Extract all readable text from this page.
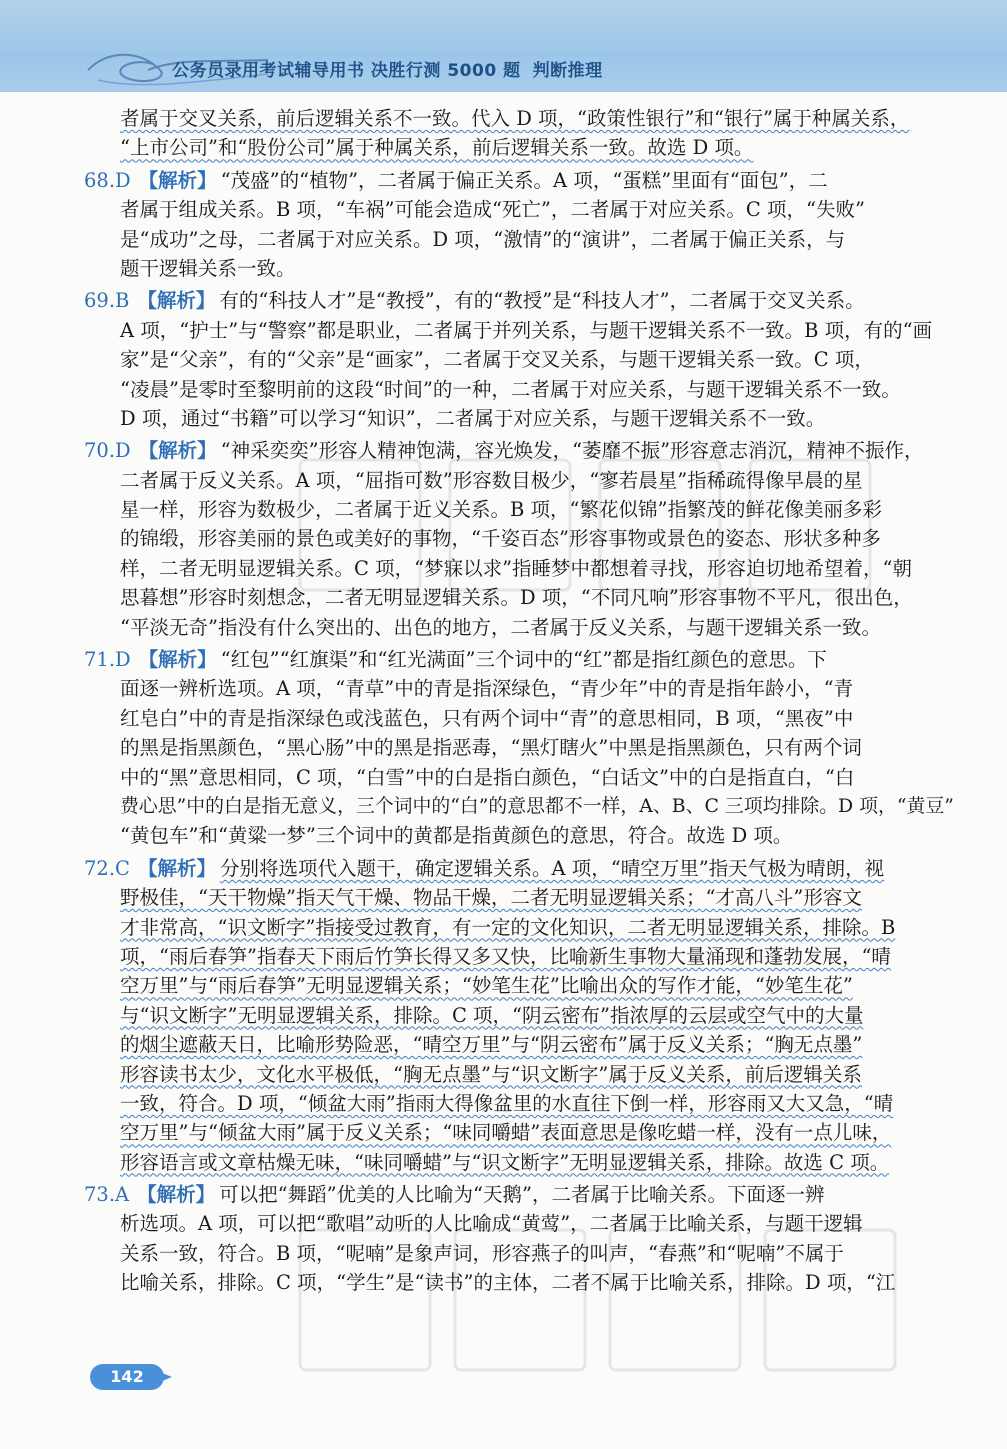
公务员录用考试辅导用书 决胜行测 5000 题 判断推理
者属于交叉关系，前后逻辑关系不一致。代入 D 项，“政策性银行”和“银行”属于种属关系，
“上市公司”和“股份公司”属于种属关系，前后逻辑关系一致。故选 D 项。
68.D 【解析】 “茂盛”的“植物”，二者属于偏正关系。A 项，“蛋糕”里面有“面包”，二
者属于组成关系。B 项，“车祸”可能会造成“死亡”，二者属于对应关系。C 项，“失败”
是“成功”之母，二者属于对应关系。D 项，“激情”的“演讲”，二者属于偏正关系，与
题干逻辑关系一致。
69.B 【解析】 有的“科技人才”是“教授”，有的“教授”是“科技人才”，二者属于交叉关系。
A 项，“护士”与“警察”都是职业，二者属于并列关系，与题干逻辑关系不一致。B 项，有的“画
家”是“父亲”，有的“父亲”是“画家”，二者属于交叉关系，与题干逻辑关系一致。C 项，
“凌晨”是零时至黎明前的这段“时间”的一种，二者属于对应关系，与题干逻辑关系不一致。
D 项，通过“书籍”可以学习“知识”，二者属于对应关系，与题干逻辑关系不一致。
70.D 【解析】 “神采奕奕”形容人精神饱满，容光焕发，“萎靡不振”形容意志消沉，精神不振作，
二者属于反义关系。A 项，“屈指可数”形容数目极少，“寥若晨星”指稀疏得像早晨的星
星一样，形容为数极少，二者属于近义关系。B 项，“繁花似锦”指繁茂的鲜花像美丽多彩
的锦缎，形容美丽的景色或美好的事物，“千姿百态”形容事物或景色的姿态、形状多种多
样，二者无明显逻辑关系。C 项，“梦寐以求”指睡梦中都想着寻找，形容迫切地希望着，“朝
思暮想”形容时刻想念，二者无明显逻辑关系。D 项，“不同凡响”形容事物不平凡，很出色，
“平淡无奇”指没有什么突出的、出色的地方，二者属于反义关系，与题干逻辑关系一致。
71.D 【解析】 “红包”“红旗渠”和“红光满面”三个词中的“红”都是指红颜色的意思。下
面逐一辨析选项。A 项，“青草”中的青是指深绿色，“青少年”中的青是指年龄小，“青
红皂白”中的青是指深绿色或浅蓝色，只有两个词中“青”的意思相同，B 项，“黑夜”中
的黑是指黑颜色，“黑心肠”中的黑是指恶毒，“黑灯瞎火”中黑是指黑颜色，只有两个词
中的“黑”意思相同，C 项，“白雪”中的白是指白颜色，“白话文”中的白是指直白，“白
费心思”中的白是指无意义，三个词中的“白”的意思都不一样，A、B、C 三项均排除。D 项，“黄豆”
“黄包车”和“黄粱一梦”三个词中的黄都是指黄颜色的意思，符合。故选 D 项。
72.C 【解析】 分别将选项代入题干，确定逻辑关系。A 项，“晴空万里”指天气极为晴朗，视
野极佳，“天干物燥”指天气干燥、物品干燥，二者无明显逻辑关系；“才高八斗”形容文
才非常高，“识文断字”指接受过教育，有一定的文化知识，二者无明显逻辑关系，排除。B
项，“雨后春笋”指春天下雨后竹笋长得又多又快，比喻新生事物大量涌现和蓬勃发展，“晴
空万里”与“雨后春笋”无明显逻辑关系；“妙笔生花”比喻出众的写作才能，“妙笔生花”
与“识文断字”无明显逻辑关系，排除。C 项，“阴云密布”指浓厚的云层或空气中的大量
的烟尘遮蔽天日，比喻形势险恶，“晴空万里”与“阴云密布”属于反义关系；“胸无点墨”
形容读书太少，文化水平极低，“胸无点墨”与“识文断字”属于反义关系，前后逻辑关系
一致，符合。D 项，“倾盆大雨”指雨大得像盆里的水直往下倒一样，形容雨又大又急，“晴
空万里”与“倾盆大雨”属于反义关系；“味同嚼蜡”表面意思是像吃蜡一样，没有一点儿味，
形容语言或文章枯燥无味，“味同嚼蜡”与“识文断字”无明显逻辑关系，排除。故选 C 项。
73.A 【解析】 可以把“舞蹈”优美的人比喻为“天鹅”，二者属于比喻关系。下面逐一辨
析选项。A 项，可以把“歌唱”动听的人比喻成“黄莺”，二者属于比喻关系，与题干逻辑
关系一致，符合。B 项，“呢喃”是象声词，形容燕子的叫声，“春燕”和“呢喃”不属于
比喻关系，排除。C 项，“学生”是“读书”的主体，二者不属于比喻关系，排除。D 项，“江
142
